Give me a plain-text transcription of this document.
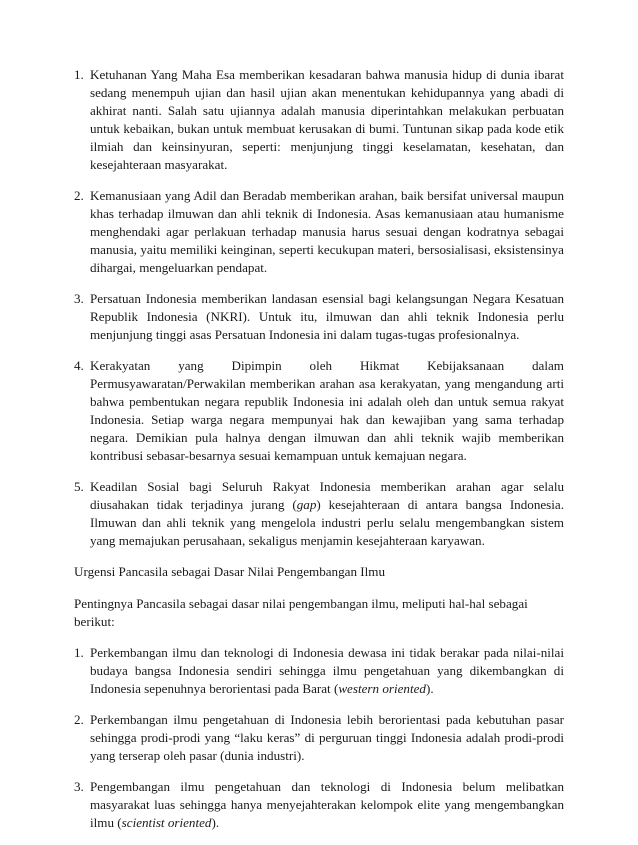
1. Ketuhanan Yang Maha Esa memberikan kesadaran bahwa manusia hidup di dunia ibarat sedang menempuh ujian dan hasil ujian akan menentukan kehidupannya yang abadi di akhirat nanti. Salah satu ujiannya adalah manusia diperintahkan melakukan perbuatan untuk kebaikan, bukan untuk membuat kerusakan di bumi. Tuntunan sikap pada kode etik ilmiah dan keinsinyuran, seperti: menjunjung tinggi keselamatan, kesehatan, dan kesejahteraan masyarakat.
2. Kemanusiaan yang Adil dan Beradab memberikan arahan, baik bersifat universal maupun khas terhadap ilmuwan dan ahli teknik di Indonesia. Asas kemanusiaan atau humanisme menghendaki agar perlakuan terhadap manusia harus sesuai dengan kodratnya sebagai manusia, yaitu memiliki keinginan, seperti kecukupan materi, bersosialisasi, eksistensinya dihargai, mengeluarkan pendapat.
3. Persatuan Indonesia memberikan landasan esensial bagi kelangsungan Negara Kesatuan Republik Indonesia (NKRI). Untuk itu, ilmuwan dan ahli teknik Indonesia perlu menjunjung tinggi asas Persatuan Indonesia ini dalam tugas-tugas profesionalnya.
4. Kerakyatan yang Dipimpin oleh Hikmat Kebijaksanaan dalam Permusyawaratan/Perwakilan memberikan arahan asa kerakyatan, yang mengandung arti bahwa pembentukan negara republik Indonesia ini adalah oleh dan untuk semua rakyat Indonesia. Setiap warga negara mempunyai hak dan kewajiban yang sama terhadap negara. Demikian pula halnya dengan ilmuwan dan ahli teknik wajib memberikan kontribusi sebasar-besarnya sesuai kemampuan untuk kemajuan negara.
5. Keadilan Sosial bagi Seluruh Rakyat Indonesia memberikan arahan agar selalu diusahakan tidak terjadinya jurang (gap) kesejahteraan di antara bangsa Indonesia. Ilmuwan dan ahli teknik yang mengelola industri perlu selalu mengembangkan sistem yang memajukan perusahaan, sekaligus menjamin kesejahteraan karyawan.
Urgensi Pancasila sebagai Dasar Nilai Pengembangan Ilmu
Pentingnya Pancasila sebagai dasar nilai pengembangan ilmu, meliputi hal-hal sebagai berikut:
1. Perkembangan ilmu dan teknologi di Indonesia dewasa ini tidak berakar pada nilai-nilai budaya bangsa Indonesia sendiri sehingga ilmu pengetahuan yang dikembangkan di Indonesia sepenuhnya berorientasi pada Barat (western oriented).
2. Perkembangan ilmu pengetahuan di Indonesia lebih berorientasi pada kebutuhan pasar sehingga prodi-prodi yang “laku keras” di perguruan tinggi Indonesia adalah prodi-prodi yang terserap oleh pasar (dunia industri).
3. Pengembangan ilmu pengetahuan dan teknologi di Indonesia belum melibatkan masyarakat luas sehingga hanya menyejahterakan kelompok elite yang mengembangkan ilmu (scientist oriented).
